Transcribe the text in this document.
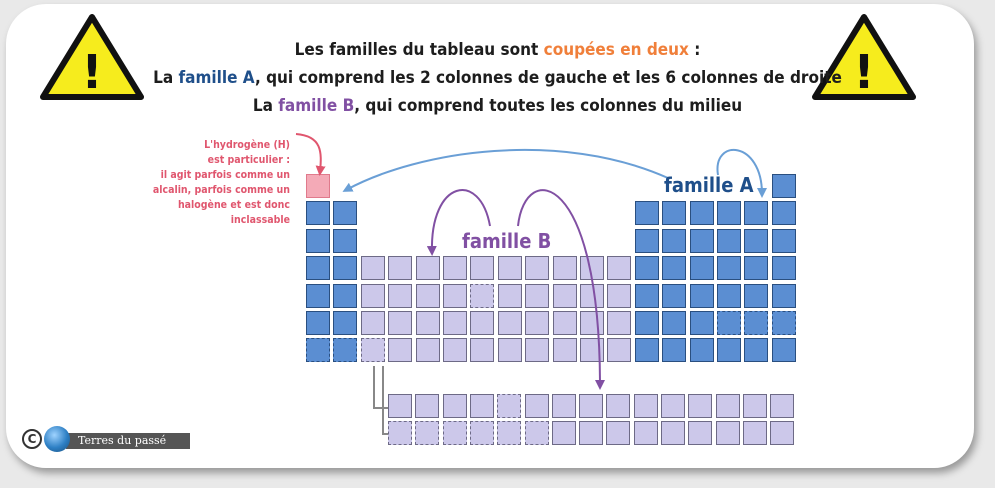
!	!
Les familles du tableau sont coupées en deux :
La famille A, qui comprend les 2 colonnes de gauche et les 6 colonnes de droite
La famille B, qui comprend toutes les colonnes du milieu
L'hydrogène (H)
est particulier :
il agit parfois comme un
alcalin, parfois comme un
halogène et est donc
inclassable
famille A
famille B
C	Terres du passé
